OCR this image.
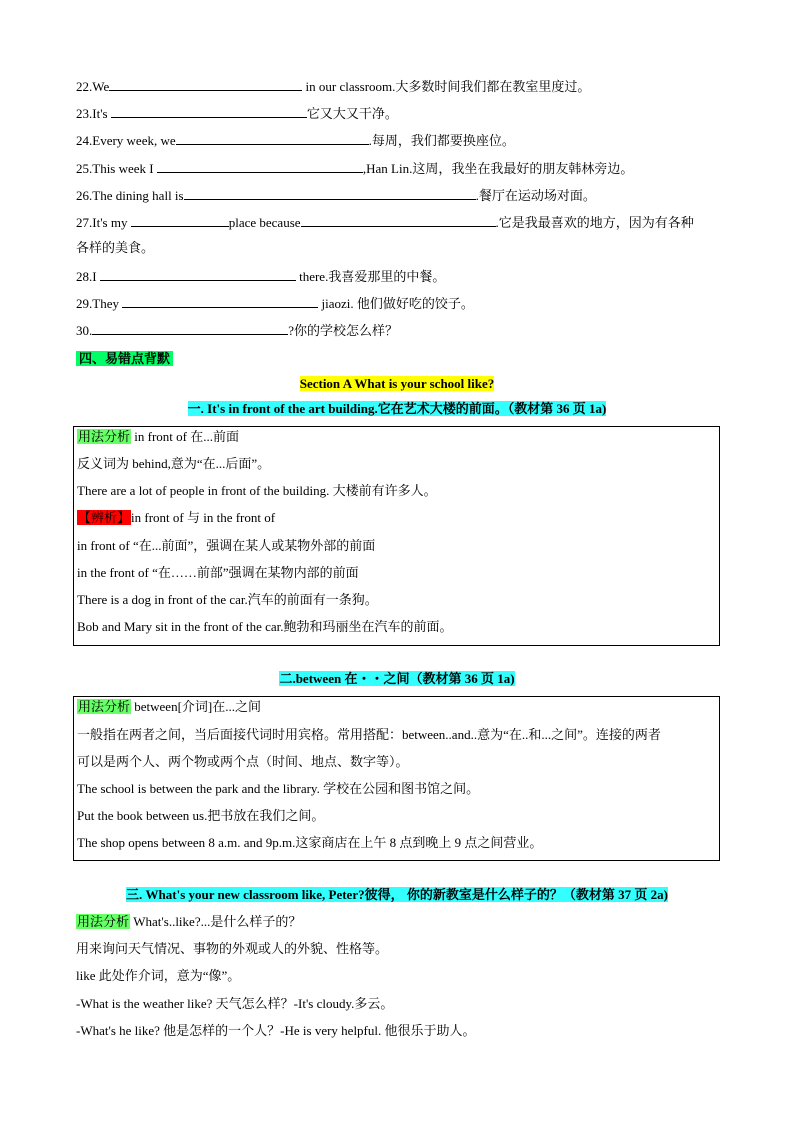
22.We	in our classroom.大多数时间我们都在教室里度过。
23.It's	它又大又干净。
24.Every week, we	.每周，我们都要换座位。
25.This week I	,Han Lin.这周，我坐在我最好的朋友韩林旁边。
26.The dining hall is	.餐厅在运动场对面。
27.It's my	place because	.它是我最喜欢的地方，因为有各种
各样的美食。
28.I	there.我喜爱那里的中餐。
29.They	jiaozi. 他们做好吃的饺子。
30.	?你的学校怎么样？
四、易错点背默
Section A What is your school like?
一. It's in front of the art building.它在艺术大楼的前面。（教材第 36 页 1a)
用法分析 in front of 在...前面
反义词为 behind,意为“在...后面”。
There are a lot of people in front of the building. 大楼前有许多人。
【辨析】in front of 与 in the front of
in front of “在...前面”，强调在某人或某物外部的前面
in the front of “在……前部”强调在某物内部的前面
There is a dog in front of the car.汽车的前面有一条狗。
Bob and Mary sit in the front of the car.鲍勃和玛丽坐在汽车的前面。
二.between 在・・之间（教材第 36 页 1a)
用法分析 between[介词]在...之间
一般指在两者之间，当后面接代词时用宾格。常用搭配：between..and..意为“在..和...之间”。连接的两者
可以是两个人、两个物或两个点（时间、地点、数字等）。
The school is between the park and the library. 学校在公园和图书馆之间。
Put the book between us.把书放在我们之间。
The shop opens between 8 a.m. and 9p.m.这家商店在上午 8 点到晚上 9 点之间营业。
三. What's your new classroom like, Peter?彼得， 你的新教室是什么样子的？（教材第 37 页 2a)
用法分析 What's..like?...是什么样子的？
用来询问天气情况、事物的外观或人的外貌、性格等。
like 此处作介词，意为“像”。
-What is the weather like? 天气怎么样？-It's cloudy.多云。
-What's he like? 他是怎样的一个人？-He is very helpful. 他很乐于助人。
